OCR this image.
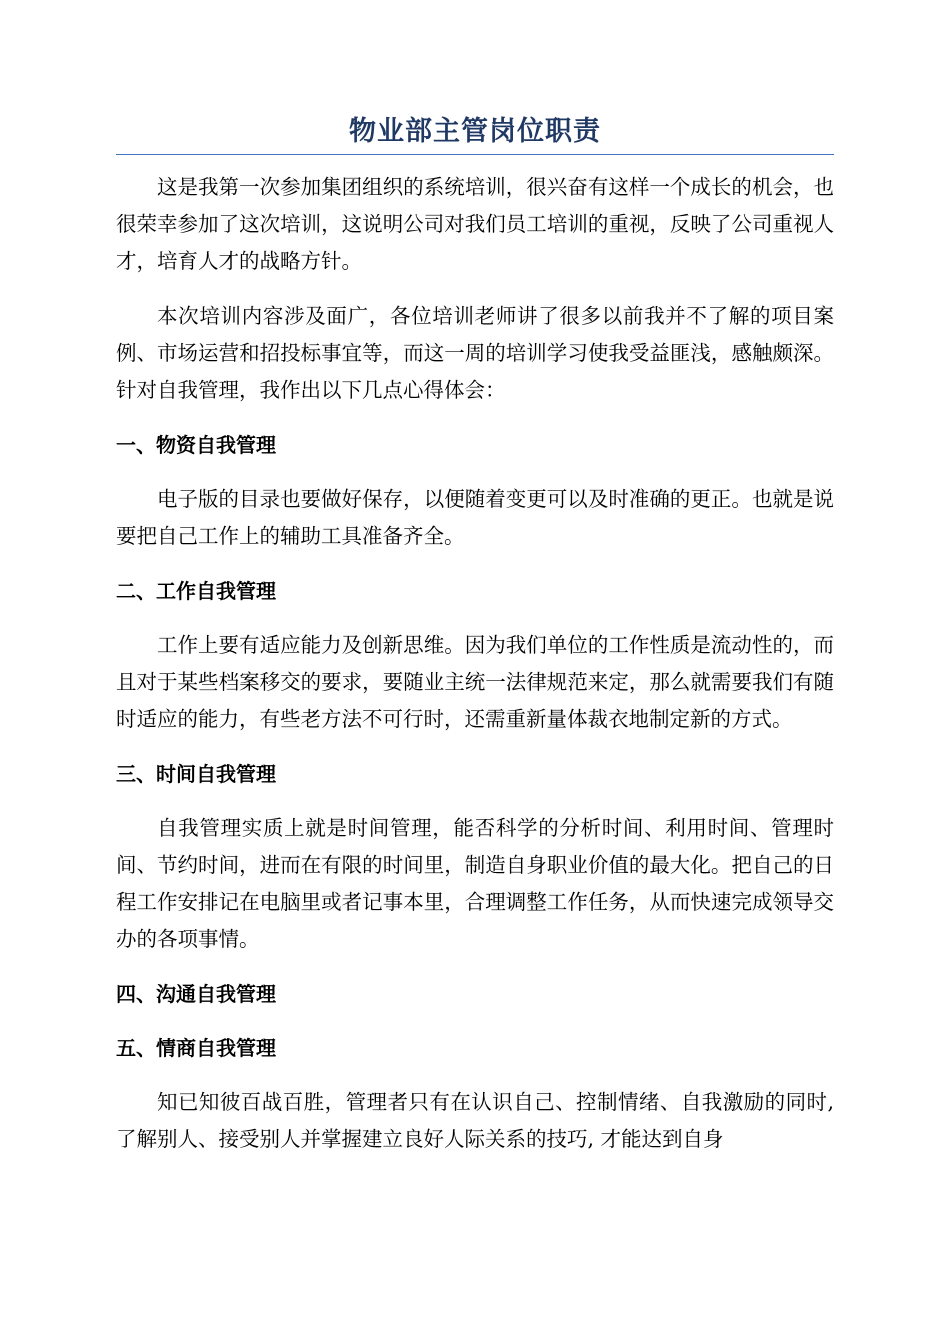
物业部主管岗位职责

这是我第一次参加集团组织的系统培训，很兴奋有这样一个成长的机会，也很荣幸参加了这次培训，这说明公司对我们员工培训的重视，反映了公司重视人才，培育人才的战略方针。

本次培训内容涉及面广，各位培训老师讲了很多以前我并不了解的项目案例、市场运营和招投标事宜等，而这一周的培训学习使我受益匪浅，感触颇深。针对自我管理，我作出以下几点心得体会：

一、物资自我管理

电子版的目录也要做好保存，以便随着变更可以及时准确的更正。也就是说要把自己工作上的辅助工具准备齐全。

二、工作自我管理

工作上要有适应能力及创新思维。因为我们单位的工作性质是流动性的，而且对于某些档案移交的要求，要随业主统一法律规范来定，那么就需要我们有随时适应的能力，有些老方法不可行时，还需重新量体裁衣地制定新的方式。

三、时间自我管理

自我管理实质上就是时间管理，能否科学的分析时间、利用时间、管理时间、节约时间，进而在有限的时间里，制造自身职业价值的最大化。把自己的日程工作安排记在电脑里或者记事本里，合理调整工作任务，从而快速完成领导交办的各项事情。

四、沟通自我管理
五、情商自我管理

知已知彼百战百胜，管理者只有在认识自己、控制情绪、自我激励的同时, 了解别人、接受别人并掌握建立良好人际关系的技巧, 才能达到自身
